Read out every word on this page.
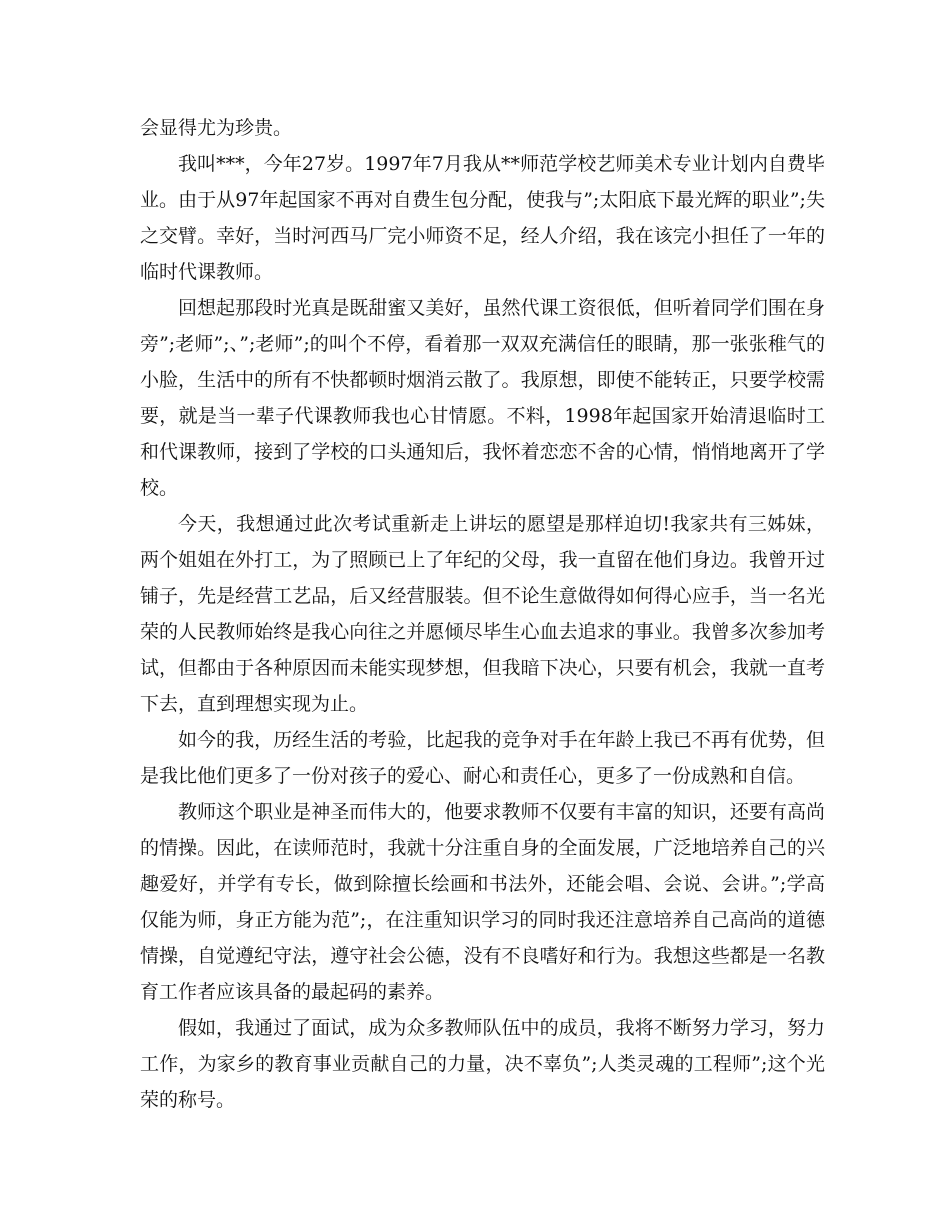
会显得尤为珍贵。

我叫***，今年27岁。1997年7月我从**师范学校艺师美术专业计划内自费毕业。由于从97年起国家不再对自费生包分配，使我与”;太阳底下最光辉的职业”;失之交臂。幸好，当时河西马厂完小师资不足，经人介绍，我在该完小担任了一年的临时代课教师。

回想起那段时光真是既甜蜜又美好，虽然代课工资很低，但听着同学们围在身旁”;老师”;、”;老师”;的叫个不停，看着那一双双充满信任的眼睛，那一张张稚气的小脸，生活中的所有不快都顿时烟消云散了。我原想，即使不能转正，只要学校需要，就是当一辈子代课教师我也心甘情愿。不料，1998年起国家开始清退临时工和代课教师，接到了学校的口头通知后，我怀着恋恋不舍的心情，悄悄地离开了学校。

今天，我想通过此次考试重新走上讲坛的愿望是那样迫切!我家共有三姊妹，两个姐姐在外打工，为了照顾已上了年纪的父母，我一直留在他们身边。我曾开过铺子，先是经营工艺品，后又经营服装。但不论生意做得如何得心应手，当一名光荣的人民教师始终是我心向往之并愿倾尽毕生心血去追求的事业。我曾多次参加考试，但都由于各种原因而未能实现梦想，但我暗下决心，只要有机会，我就一直考下去，直到理想实现为止。

如今的我，历经生活的考验，比起我的竞争对手在年龄上我已不再有优势，但是我比他们更多了一份对孩子的爱心、耐心和责任心，更多了一份成熟和自信。

教师这个职业是神圣而伟大的，他要求教师不仅要有丰富的知识，还要有高尚的情操。因此，在读师范时，我就十分注重自身的全面发展，广泛地培养自己的兴趣爱好，并学有专长，做到除擅长绘画和书法外，还能会唱、会说、会讲。”;学高仅能为师，身正方能为范”;，在注重知识学习的同时我还注意培养自己高尚的道德情操，自觉遵纪守法，遵守社会公德，没有不良嗜好和行为。我想这些都是一名教育工作者应该具备的最起码的素养。

假如，我通过了面试，成为众多教师队伍中的成员，我将不断努力学习，努力工作，为家乡的教育事业贡献自己的力量，决不辜负”;人类灵魂的工程师”;这个光荣的称号。
